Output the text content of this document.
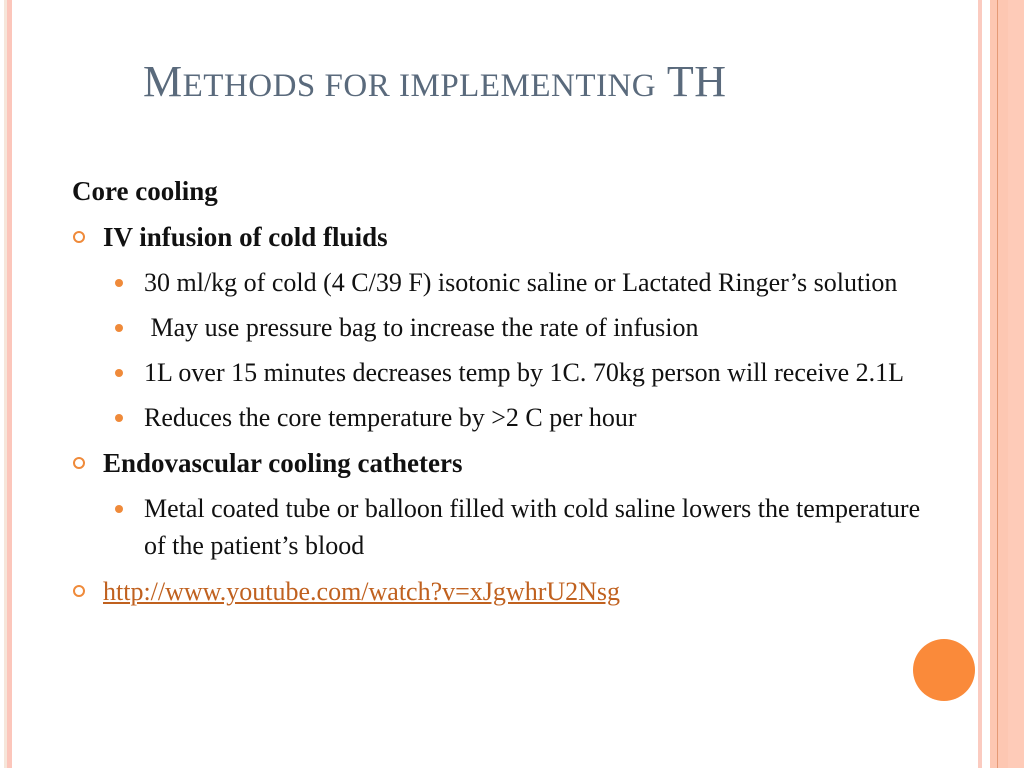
METHODS FOR IMPLEMENTING TH
Core cooling
IV infusion of cold fluids
30 ml/kg of cold (4 C/39 F) isotonic saline or Lactated Ringer’s solution
May use pressure bag to increase the rate of infusion
1L over 15 minutes decreases temp by 1C. 70kg person will receive 2.1L
Reduces the core temperature by >2 C per hour
Endovascular cooling catheters
Metal coated tube or balloon filled with cold saline lowers the temperature of the patient’s blood
http://www.youtube.com/watch?v=xJgwhrU2Nsg
